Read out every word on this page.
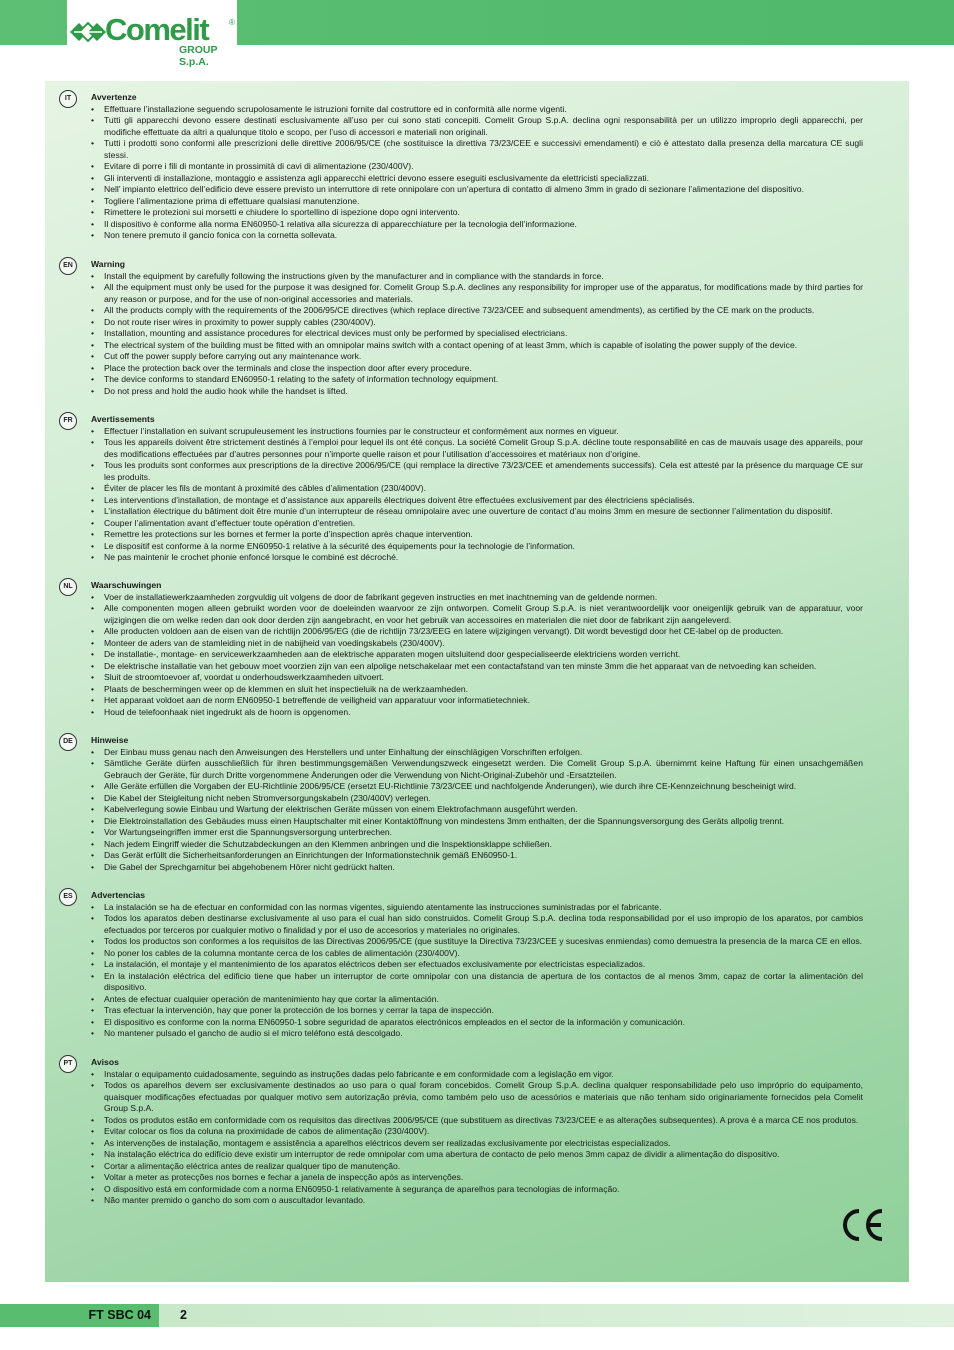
Comelit	®
GROUP S.p.A.
IT	Avvertenze
• Effettuare l’installazione seguendo scrupolosamente le istruzioni fornite dal costruttore ed in conformità alle norme vigenti.
• Tutti gli apparecchi devono essere destinati esclusivamente all’uso per cui sono stati concepiti. Comelit Group S.p.A. declina ogni responsabilità per un utilizzo improprio degli apparecchi, per modifiche effettuate da altri a qualunque titolo e scopo, per l’uso di accessori e materiali non originali.
• Tutti i prodotti sono conformi alle prescrizioni delle direttive 2006/95/CE (che sostituisce la direttiva 73/23/CEE e successivi emendamenti) e ciò è attestato dalla presenza della marcatura CE sugli stessi.
• Evitare di porre i fili di montante in prossimità di cavi di alimentazione (230/400V).
• Gli interventi di installazione, montaggio e assistenza agli apparecchi elettrici devono essere eseguiti esclusivamente da elettricisti specializzati.
• Nell’ impianto elettrico dell’edificio deve essere previsto un interruttore di rete onnipolare con un’apertura di contatto di almeno 3mm in grado di sezionare l’alimentazione del dispositivo.
• Togliere l’alimentazione prima di effettuare qualsiasi manutenzione.
• Rimettere le protezioni sui morsetti e chiudere lo sportellino di ispezione dopo ogni intervento.
• Il dispositivo è conforme alla norma EN60950-1 relativa alla sicurezza di apparecchiature per la tecnologia dell’informazione.
• Non tenere premuto il gancio fonica con la cornetta sollevata.
EN	Warning
• Install the equipment by carefully following the instructions given by the manufacturer and in compliance with the standards in force.
• All the equipment must only be used for the purpose it was designed for. Comelit Group S.p.A. declines any responsibility for improper use of the apparatus, for modifications made by third parties for any reason or purpose, and for the use of non-original accessories and materials.
• All the products comply with the requirements of the 2006/95/CE directives (which replace directive 73/23/CEE and subsequent amendments), as certified by the CE mark on the products.
• Do not route riser wires in proximity to power supply cables (230/400V).
• Installation, mounting and assistance procedures for electrical devices must only be performed by specialised electricians.
• The electrical system of the building must be fitted with an omnipolar mains switch with a contact opening of at least 3mm, which is capable of isolating the power supply of the device.
• Cut off the power supply before carrying out any maintenance work.
• Place the protection back over the terminals and close the inspection door after every procedure.
• The device conforms to standard EN60950-1 relating to the safety of information technology equipment.
• Do not press and hold the audio hook while the handset is lifted.
FR	Avertissements
• Effectuer l’installation en suivant scrupuleusement les instructions fournies par le constructeur et conformément aux normes en vigueur.
• Tous les appareils doivent être strictement destinés à l’emploi pour lequel ils ont été conçus. La société Comelit Group S.p.A. décline toute responsabilité en cas de mauvais usage des appareils, pour des modifications effectuées par d’autres personnes pour n’importe quelle raison et pour l’utilisation d’accessoires et matériaux non d’origine.
• Tous les produits sont conformes aux prescriptions de la directive 2006/95/CE (qui remplace la directive 73/23/CEE et amendements successifs). Cela est attesté par la présence du marquage CE sur les produits.
• Éviter de placer les fils de montant à proximité des câbles d’alimentation (230/400V).
• Les interventions d’installation, de montage et d’assistance aux appareils électriques doivent être effectuées exclusivement par des électriciens spécialisés.
• L’installation électrique du bâtiment doit être munie d’un interrupteur de réseau omnipolaire avec une ouverture de contact d’au moins 3mm en mesure de sectionner l’alimentation du dispositif.
• Couper l’alimentation avant d’effectuer toute opération d’entretien.
• Remettre les protections sur les bornes et fermer la porte d’inspection après chaque intervention.
• Le dispositif est conforme à la norme EN60950-1 relative à la sécurité des équipements pour la technologie de l’information.
• Ne pas maintenir le crochet phonie enfoncé lorsque le combiné est décroché.
NL	Waarschuwingen
• Voer de installatiewerkzaamheden zorgvuldig uit volgens de door de fabrikant gegeven instructies en met inachtneming van de geldende normen.
• Alle componenten mogen alleen gebruikt worden voor de doeleinden waarvoor ze zijn ontworpen. Comelit Group S.p.A. is niet verantwoordelijk voor oneigenlijk gebruik van de apparatuur, voor wijzigingen die om welke reden dan ook door derden zijn aangebracht, en voor het gebruik van accessoires en materialen die niet door de fabrikant zijn aangeleverd.
• Alle producten voldoen aan de eisen van de richtlijn 2006/95/EG (die de richtlijn 73/23/EEG en latere wijzigingen vervangt). Dit wordt bevestigd door het CE-label op de producten.
• Monteer de aders van de stamleiding niet in de nabijheid van voedingskabels (230/400V).
• De installatie-, montage- en servicewerkzaamheden aan de elektrische apparaten mogen uitsluitend door gespecialiseerde elektriciens worden verricht.
• De elektrische installatie van het gebouw moet voorzien zijn van een alpolige netschakelaar met een contactafstand van ten minste 3mm die het apparaat van de netvoeding kan scheiden.
• Sluit de stroomtoevoer af, voordat u onderhoudswerkzaamheden uitvoert.
• Plaats de beschermingen weer op de klemmen en sluit het inspectieluik na de werkzaamheden.
• Het apparaat voldoet aan de norm EN60950-1 betreffende de veiligheid van apparatuur voor informatietechniek.
• Houd de telefoonhaak niet ingedrukt als de hoorn is opgenomen.
DE	Hinweise
• Der Einbau muss genau nach den Anweisungen des Herstellers und unter Einhaltung der einschlägigen Vorschriften erfolgen.
• Sämtliche Geräte dürfen ausschließlich für ihren bestimmungsgemäßen Verwendungszweck eingesetzt werden. Die Comelit Group S.p.A. übernimmt keine Haftung für einen unsachgemäßen Gebrauch der Geräte, für durch Dritte vorgenommene Änderungen oder die Verwendung von Nicht-Original-Zubehör und -Ersatzteilen.
• Alle Geräte erfüllen die Vorgaben der EU-Richtlinie 2006/95/CE (ersetzt EU-Richtlinie 73/23/CEE und nachfolgende Änderungen), wie durch ihre CE-Kennzeichnung bescheinigt wird.
• Die Kabel der Steigleitung nicht neben Stromversorgungskabeln (230/400V) verlegen.
• Kabelverlegung sowie Einbau und Wartung der elektrischen Geräte müssen von einem Elektrofachmann ausgeführt werden.
• Die Elektroinstallation des Gebäudes muss einen Hauptschalter mit einer Kontaktöffnung von mindestens 3mm enthalten, der die Spannungsversorgung des Geräts allpolig trennt.
• Vor Wartungseingriffen immer erst die Spannungsversorgung unterbrechen.
• Nach jedem Eingriff wieder die Schutzabdeckungen an den Klemmen anbringen und die Inspektionsklappe schließen.
• Das Gerät erfüllt die Sicherheitsanforderungen an Einrichtungen der Informationstechnik gemäß EN60950-1.
• Die Gabel der Sprechgarnitur bei abgehobenem Hörer nicht gedrückt halten.
ES	Advertencias
• La instalación se ha de efectuar en conformidad con las normas vigentes, siguiendo atentamente las instrucciones suministradas por el fabricante.
• Todos los aparatos deben destinarse exclusivamente al uso para el cual han sido construidos. Comelit Group S.p.A. declina toda responsabilidad por el uso impropio de los aparatos, por cambios efectuados por terceros por cualquier motivo o finalidad y por el uso de accesorios y materiales no originales.
• Todos los productos son conformes a los requisitos de las Directivas 2006/95/CE (que sustituye la Directiva 73/23/CEE y sucesivas enmiendas) como demuestra la presencia de la marca CE en ellos.
• No poner los cables de la columna montante cerca de los cables de alimentación (230/400V).
• La instalación, el montaje y el mantenimiento de los aparatos eléctricos deben ser efectuados exclusivamente por electricistas especializados.
• En la instalación eléctrica del edificio tiene que haber un interruptor de corte omnipolar con una distancia de apertura de los contactos de al menos 3mm, capaz de cortar la alimentación del dispositivo.
• Antes de efectuar cualquier operación de mantenimiento hay que cortar la alimentación.
• Tras efectuar la intervención, hay que poner la protección de los bornes y cerrar la tapa de inspección.
• El dispositivo es conforme con la norma EN60950-1 sobre seguridad de aparatos electrónicos empleados en el sector de la información y comunicación.
• No mantener pulsado el gancho de audio si el micro teléfono está descolgado.
PT	Avisos
• Instalar o equipamento cuidadosamente, seguindo as instruções dadas pelo fabricante e em conformidade com a legislação em vigor.
• Todos os aparelhos devem ser exclusivamente destinados ao uso para o qual foram concebidos. Comelit Group S.p.A. declina qualquer responsabilidade pelo uso impróprio do equipamento, quaisquer modificações efectuadas por qualquer motivo sem autorização prévia, como também pelo uso de acessórios e materiais que não tenham sido originariamente fornecidos pela Comelit Group S.p.A.
• Todos os produtos estão em conformidade com os requisitos das directivas 2006/95/CE (que substituem as directivas 73/23/CEE e as alterações subsequentes). A prova é a marca CE nos produtos.
• Evitar colocar os fios da coluna na proximidade de cabos de alimentação (230/400V).
• As intervenções de instalação, montagem e assistência a aparelhos eléctricos devem ser realizadas exclusivamente por electricistas especializados.
• Na instalação eléctrica do edifício deve existir um interruptor de rede omnipolar com uma abertura de contacto de pelo menos 3mm capaz de dividir a alimentação do dispositivo.
• Cortar a alimentação eléctrica antes de realizar qualquer tipo de manutenção.
• Voltar a meter as protecções nos bornes e fechar a janela de inspecção após as intervenções.
• O dispositivo está em conformidade com a norma EN60950-1 relativamente à segurança de aparelhos para tecnologias de informação.
• Não manter premido o gancho do som com o auscultador levantado.
FT SBC 04	2
